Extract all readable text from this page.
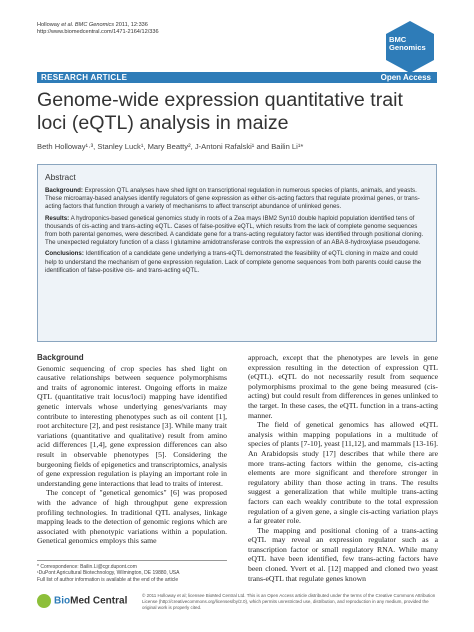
Holloway et al. BMC Genomics 2011, 12:336
http://www.biomedcentral.com/1471-2164/12/336
BMC
Genomics
RESEARCH ARTICLE	Open Access
Genome-wide expression quantitative trait loci (eQTL) analysis in maize
Beth Holloway¹·³, Stanley Luck¹, Mary Beatty², J-Antoni Rafalski¹ and Bailin Li¹*
Abstract

Background: Expression QTL analyses have shed light on transcriptional regulation in numerous species of plants, animals, and yeasts. These microarray-based analyses identify regulators of gene expression as either cis-acting factors that regulate proximal genes, or trans-acting factors that function through a variety of mechanisms to affect transcript abundance of unlinked genes.

Results: A hydroponics-based genetical genomics study in roots of a Zea mays IBM2 Syn10 double haploid population identified tens of thousands of cis-acting and trans-acting eQTL. Cases of false-positive eQTL, which results from the lack of complete genome sequences from both parental genomes, were described. A candidate gene for a trans-acting regulatory factor was identified through positional cloning. The unexpected regulatory function of a class I glutamine amidotransferase controls the expression of an ABA 8-hydroxylase pseudogene.

Conclusions: Identification of a candidate gene underlying a trans-eQTL demonstrated the feasibility of eQTL cloning in maize and could help to understand the mechanism of gene expression regulation. Lack of complete genome sequences from both parents could cause the identification of false-positive cis- and trans-acting eQTL.

Background

Genomic sequencing of crop species has shed light on causative relationships between sequence polymorphisms and traits of agronomic interest. Ongoing efforts in maize QTL (quantitative trait locus/loci) mapping have identified genetic intervals whose underlying genes/variants may contribute to interesting phenotypes such as oil content [1], root architecture [2], and pest resistance [3]. While many trait variations (quantitative and qualitative) result from amino acid differences [1,4], gene expression differences can also result in observable phenotypes [5]. Considering the burgeoning fields of epigenetics and transcriptomics, analysis of gene expression regulation is playing an important role in understanding gene interactions that lead to traits of interest.

The concept of "genetical genomics" [6] was proposed with the advance of high throughput gene expression profiling technologies. In traditional QTL analyses, linkage mapping leads to the detection of genomic regions which are associated with phenotypic variations within a population. Genetical genomics employs this same

approach, except that the phenotypes are levels in gene expression resulting in the detection of expression QTL (eQTL). eQTL do not necessarily result from sequence polymorphisms proximal to the gene being measured (cis-acting) but could result from differences in genes unlinked to the target. In these cases, the eQTL function in a trans-acting manner.

The field of genetical genomics has allowed eQTL analysis within mapping populations in a multitude of species of plants [7-10], yeast [11,12], and mammals [13-16]. An Arabidopsis study [17] describes that while there are more trans-acting factors within the genome, cis-acting elements are more significant and therefore stronger in regulatory ability than those acting in trans. The results suggest a generalization that while multiple trans-acting factors can each weakly contribute to the total expression regulation of a given gene, a single cis-acting variation plays a far greater role.

The mapping and positional cloning of a trans-acting eQTL may reveal an expression regulator such as a transcription factor or small regulatory RNA. While many eQTL have been identified, few trans-acting factors have been cloned. Yvert et al. [12] mapped and cloned two yeast trans-eQTL that regulate genes known

* Correspondence: Bailin.Li@cgr.dupont.com
¹DuPont Agricultural Biotechnology, Wilmington, DE 19880, USA
Full list of author information is available at the end of the article
BioMed Central
© 2011 Holloway et al; licensee BioMed Central Ltd. This is an Open Access article distributed under the terms of the Creative Commons Attribution License (http://creativecommons.org/licenses/by/2.0), which permits unrestricted use, distribution, and reproduction in any medium, provided the original work is properly cited.
